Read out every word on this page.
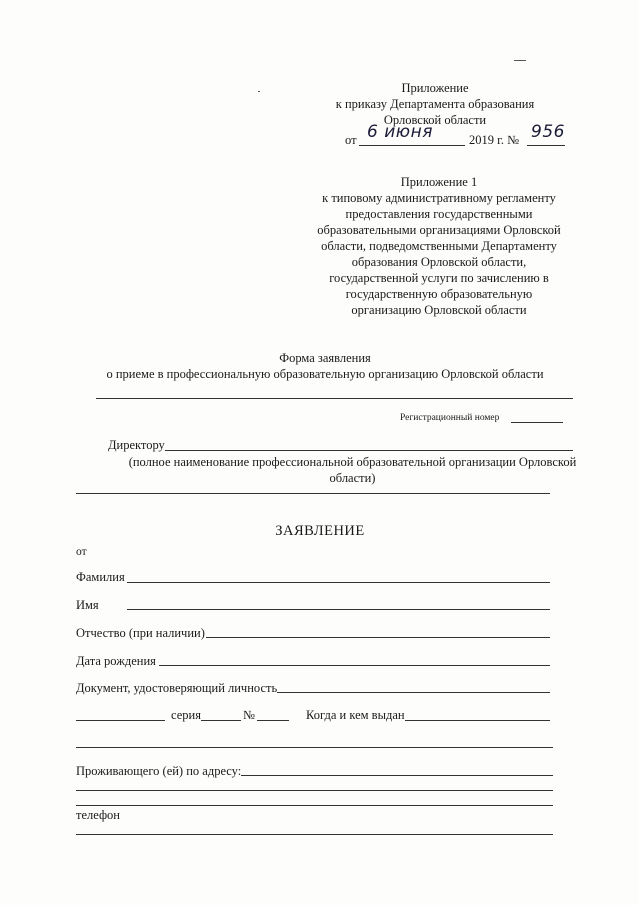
Приложение
к приказу Департамента образования
Орловской области
от 6 июня	2019 г. № 956
Приложение 1
к типовому административному регламенту
предоставления государственными
образовательными организациями Орловской
области, подведомственными Департаменту
образования Орловской области,
государственной услуги по зачислению в
государственную образовательную
организацию Орловской области
Форма заявления
о приеме в профессиональную образовательную организацию Орловской области
Регистрационный номер
Директору
(полное наименование профессиональной образовательной организации Орловской
области)
ЗАЯВЛЕНИЕ
от
Фамилия
Имя
Отчество (при наличии)
Дата рождения
Документ, удостоверяющий личность
серия	№	Когда и кем выдан
Проживающего (ей) по адресу:
телефон
